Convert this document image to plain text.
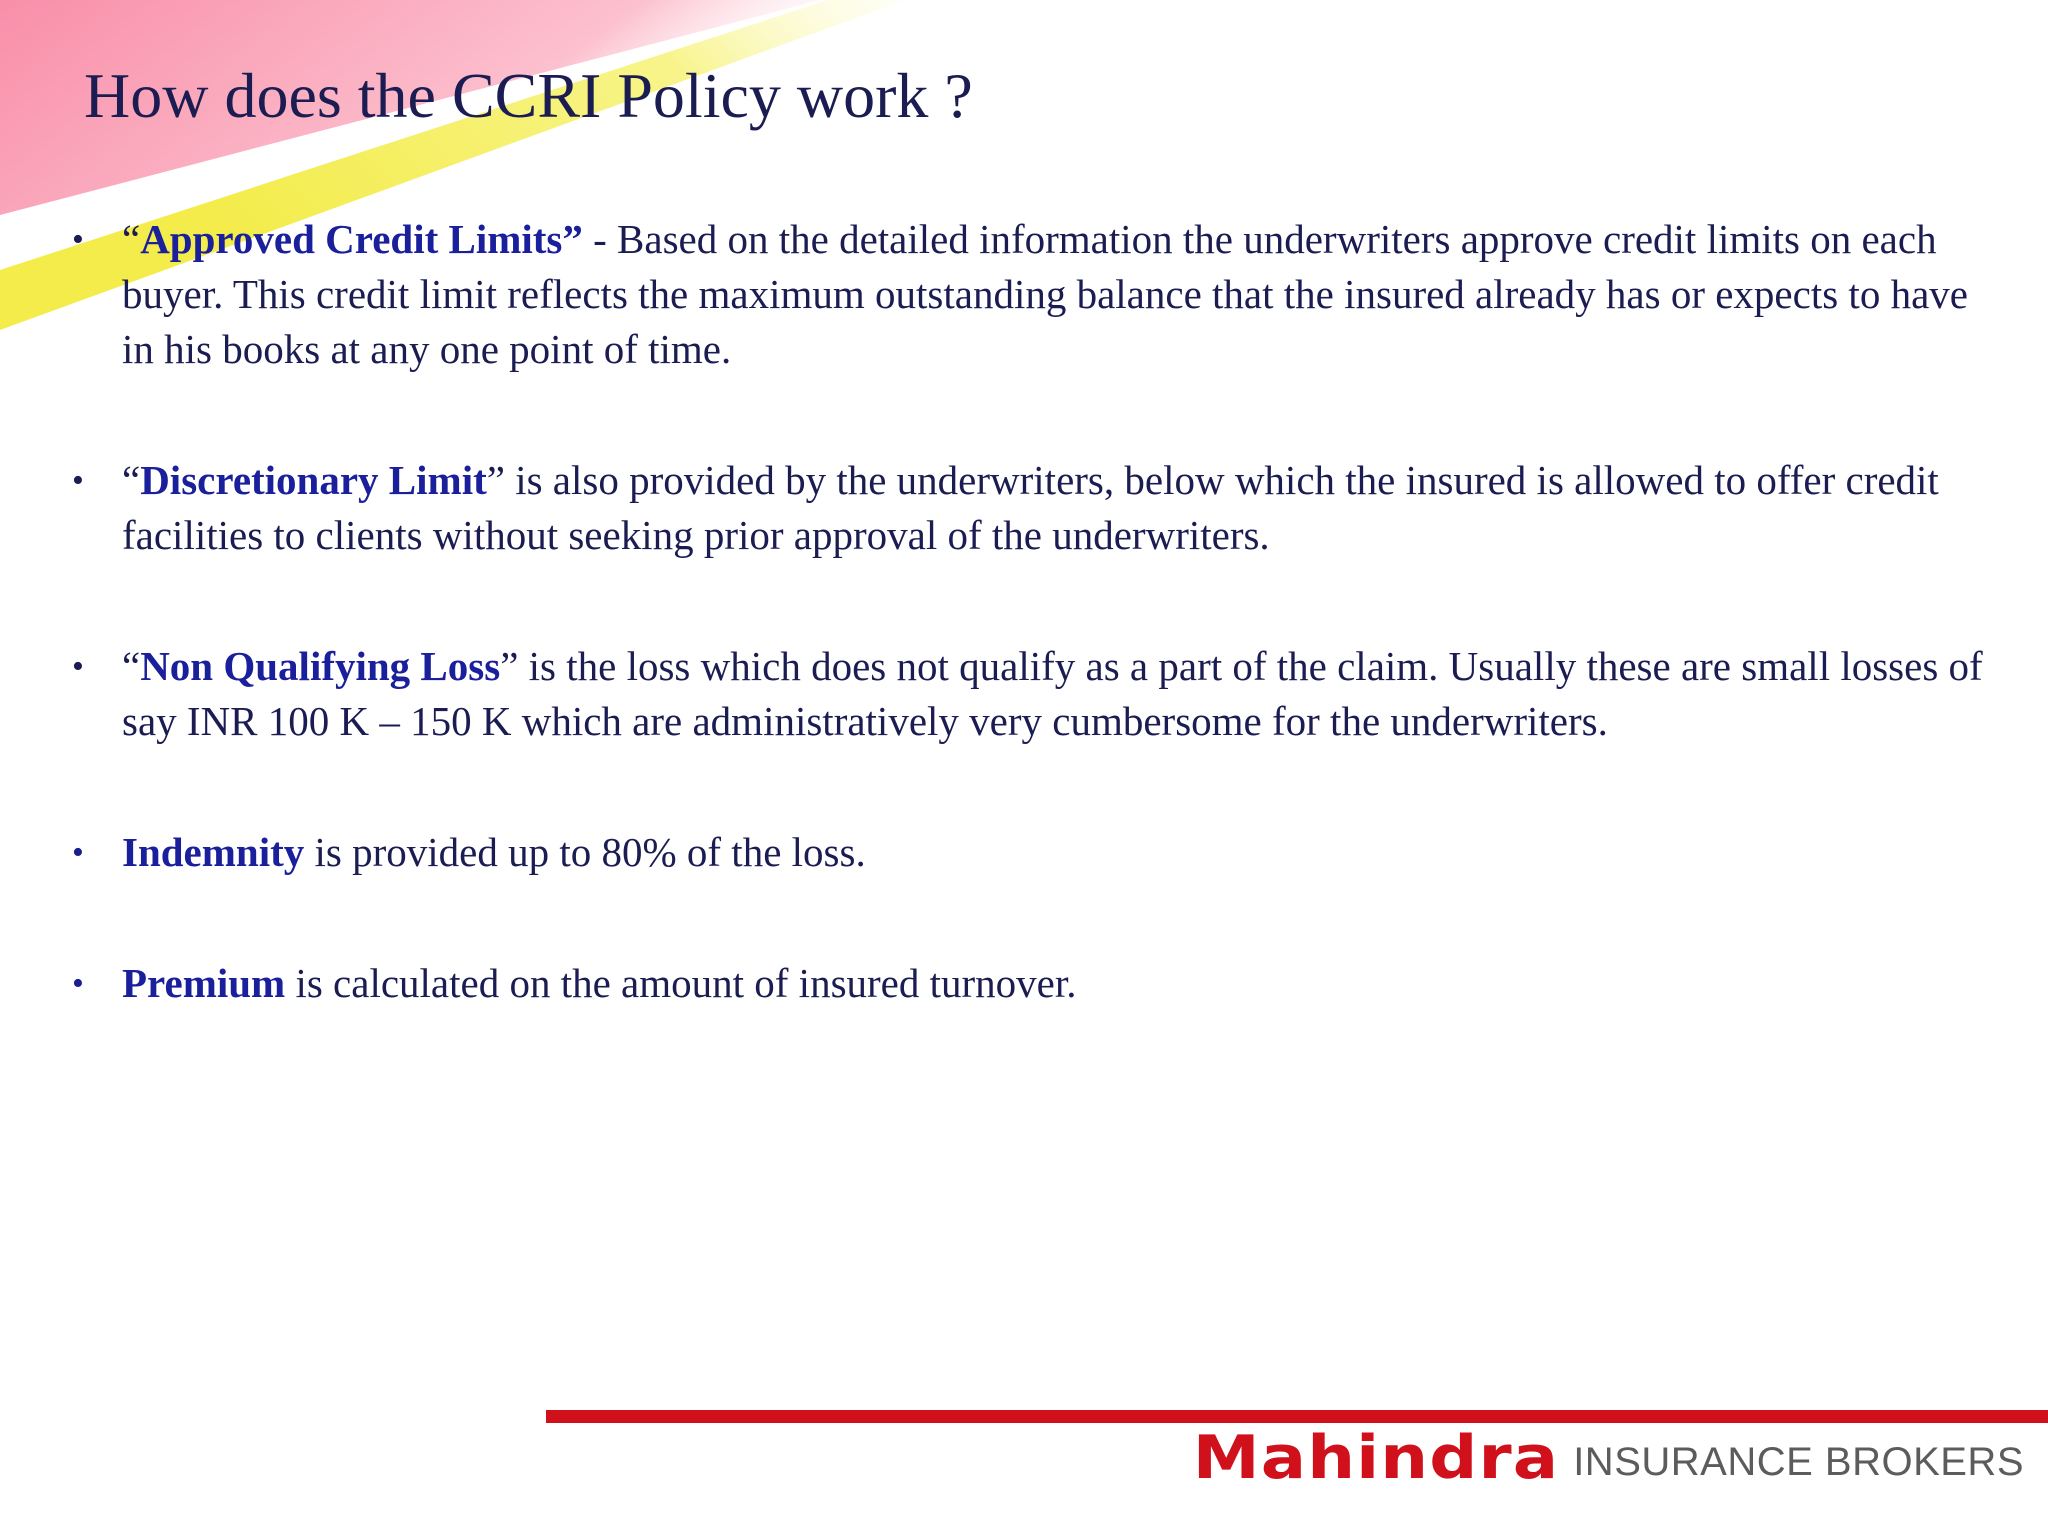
How does the CCRI Policy work ?
• “Approved Credit Limits” - Based on the detailed information the underwriters approve credit limits on each buyer. This credit limit reflects the maximum outstanding balance that the insured already has or expects to have in his books at any one point of time.
• “Discretionary Limit” is also provided by the underwriters, below which the insured is allowed to offer credit facilities to clients without seeking prior approval of the underwriters.
• “Non Qualifying Loss” is the loss which does not qualify as a part of the claim. Usually these are small losses of say INR 100 K – 150 K which are administratively very cumbersome for the underwriters.
• Indemnity is provided up to 80% of the loss.
• Premium is calculated on the amount of insured turnover.
Mahindra INSURANCE BROKERS
